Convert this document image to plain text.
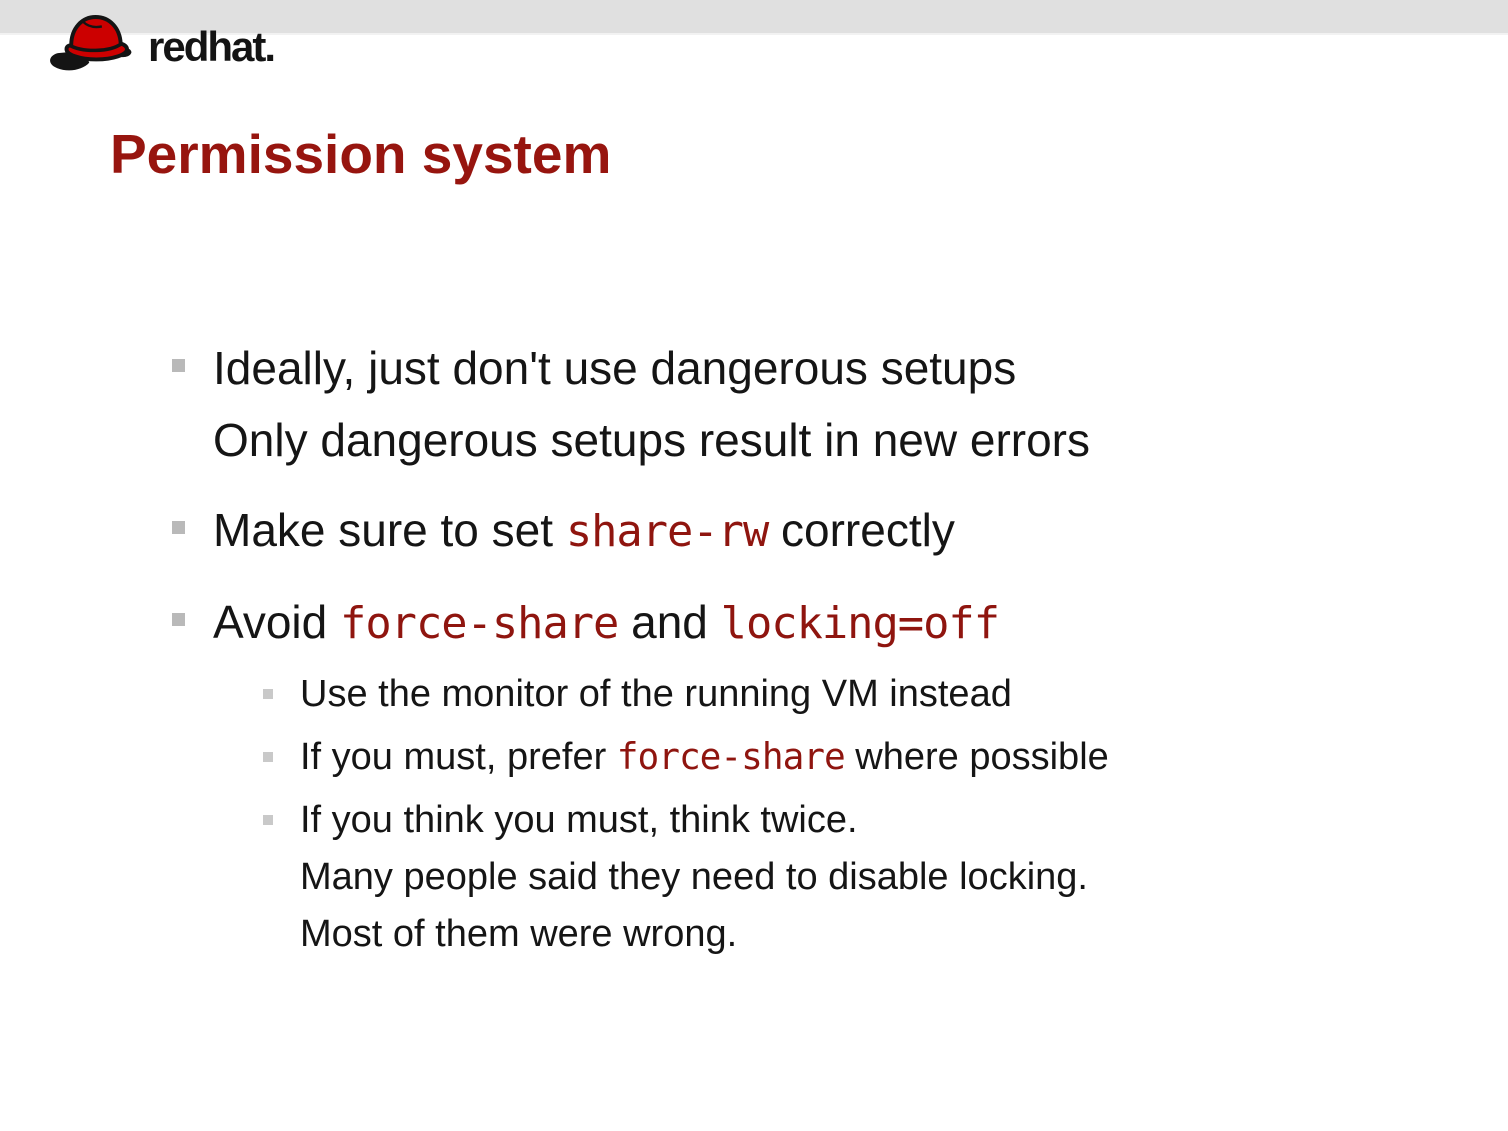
red hat.
Permission system
Ideally, just don't use dangerous setups
Only dangerous setups result in new errors
Make sure to set share-rw correctly
Avoid force-share and locking=off
Use the monitor of the running VM instead
If you must, prefer force-share where possible
If you think you must, think twice.
Many people said they need to disable locking.
Most of them were wrong.
